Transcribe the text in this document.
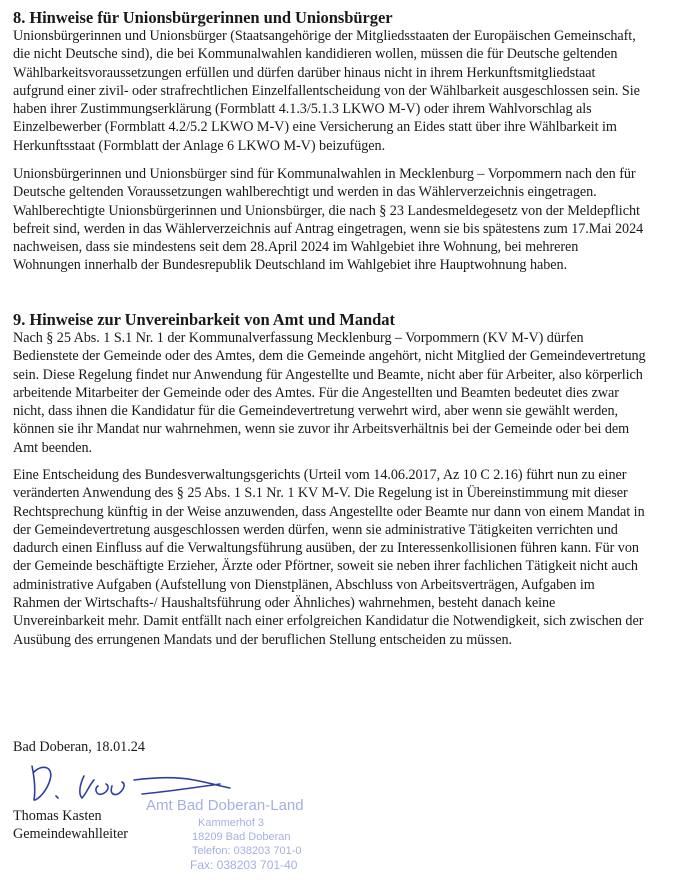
8. Hinweise für Unionsbürgerinnen und Unionsbürger
Unionsbürgerinnen und Unionsbürger (Staatsangehörige der Mitgliedsstaaten der Europäischen Gemeinschaft,
die nicht Deutsche sind), die bei Kommunalwahlen kandidieren wollen, müssen die für Deutsche geltenden
Wählbarkeitsvoraussetzungen erfüllen und dürfen darüber hinaus nicht in ihrem Herkunftsmitgliedstaat
aufgrund einer zivil- oder strafrechtlichen Einzelfallentscheidung von der Wählbarkeit ausgeschlossen sein. Sie
haben ihrer Zustimmungserklärung (Formblatt 4.1.3/5.1.3 LKWO M-V) oder ihrem Wahlvorschlag als
Einzelbewerber (Formblatt 4.2/5.2 LKWO M-V) eine Versicherung an Eides statt über ihre Wählbarkeit im
Herkunftsstaat (Formblatt der Anlage 6 LKWO M-V) beizufügen.
Unionsbürgerinnen und Unionsbürger sind für Kommunalwahlen in Mecklenburg – Vorpommern nach den für
Deutsche geltenden Voraussetzungen wahlberechtigt und werden in das Wählerverzeichnis eingetragen.
Wahlberechtigte Unionsbürgerinnen und Unionsbürger, die nach § 23 Landesmeldegesetz von der Meldepflicht
befreit sind, werden in das Wählerverzeichnis auf Antrag eingetragen, wenn sie bis spätestens zum 17.Mai 2024
nachweisen, dass sie mindestens seit dem 28.April 2024 im Wahlgebiet ihre Wohnung, bei mehreren
Wohnungen innerhalb der Bundesrepublik Deutschland im Wahlgebiet ihre Hauptwohnung haben.
9. Hinweise zur Unvereinbarkeit von Amt und Mandat
Nach § 25 Abs. 1 S.1 Nr. 1 der Kommunalverfassung Mecklenburg – Vorpommern (KV M-V) dürfen
Bedienstete der Gemeinde oder des Amtes, dem die Gemeinde angehört, nicht Mitglied der Gemeindevertretung
sein. Diese Regelung findet nur Anwendung für Angestellte und Beamte, nicht aber für Arbeiter, also körperlich
arbeitende Mitarbeiter der Gemeinde oder des Amtes. Für die Angestellten und Beamten bedeutet dies zwar
nicht, dass ihnen die Kandidatur für die Gemeindevertretung verwehrt wird, aber wenn sie gewählt werden,
können sie ihr Mandat nur wahrnehmen, wenn sie zuvor ihr Arbeitsverhältnis bei der Gemeinde oder bei dem
Amt beenden.
Eine Entscheidung des Bundesverwaltungsgerichts (Urteil vom 14.06.2017, Az 10 C 2.16) führt nun zu einer
veränderten Anwendung des § 25 Abs. 1 S.1 Nr. 1 KV M-V. Die Regelung ist in Übereinstimmung mit dieser
Rechtsprechung künftig in der Weise anzuwenden, dass Angestellte oder Beamte nur dann von einem Mandat in
der Gemeindevertretung ausgeschlossen werden dürfen, wenn sie administrative Tätigkeiten verrichten und
dadurch einen Einfluss auf die Verwaltungsführung ausüben, der zu Interessenkollisionen führen kann. Für von
der Gemeinde beschäftigte Erzieher, Ärzte oder Pförtner, soweit sie neben ihrer fachlichen Tätigkeit nicht auch
administrative Aufgaben (Aufstellung von Dienstplänen, Abschluss von Arbeitsverträgen, Aufgaben im
Rahmen der Wirtschafts-/ Haushaltsführung oder Ähnliches) wahrnehmen, besteht danach keine
Unvereinbarkeit mehr. Damit entfällt nach einer erfolgreichen Kandidatur die Notwendigkeit, sich zwischen der
Ausübung des errungenen Mandats und der beruflichen Stellung entscheiden zu müssen.
Bad Doberan, 18.01.24
Amt Bad Doberan-Land
Kammerhof 3
18209 Bad Doberan
Telefon: 038203 701-0
Fax: 038203 701-40
Thomas Kasten
Gemeindewahlleiter
